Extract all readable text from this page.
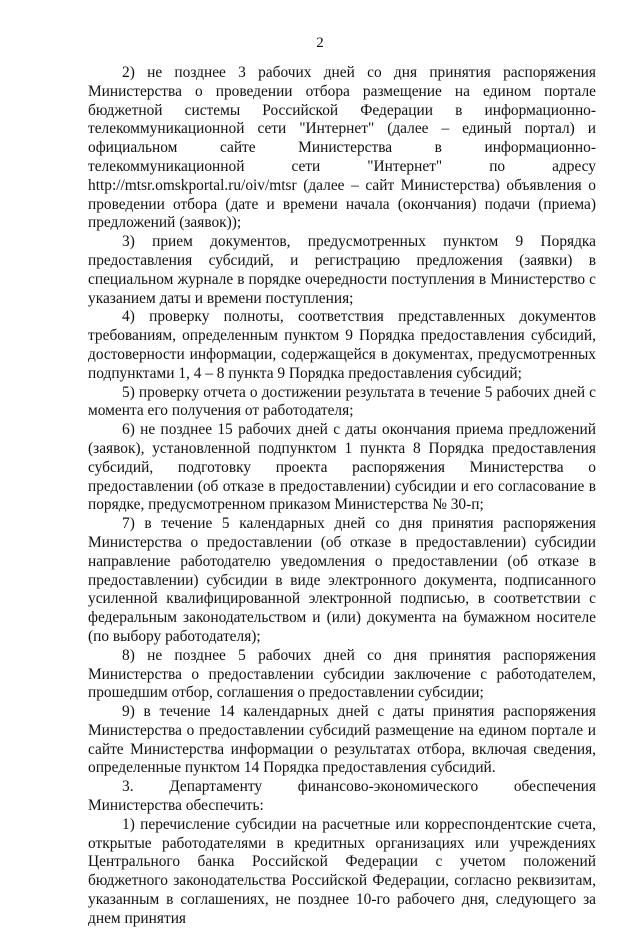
2

2) не позднее 3 рабочих дней со дня принятия распоряжения Министерства о проведении отбора размещение на едином портале бюджетной системы Российской Федерации в информационно-телекоммуникационной сети "Интернет" (далее – единый портал) и официальном сайте Министерства в информационно-телекоммуникационной сети "Интернет" по адресу http://mtsr.omskportal.ru/oiv/mtsr (далее – сайт Министерства) объявления о проведении отбора (дате и времени начала (окончания) подачи (приема) предложений (заявок));

3) прием документов, предусмотренных пунктом 9 Порядка предоставления субсидий, и регистрацию предложения (заявки) в специальном журнале в порядке очередности поступления в Министерство с указанием даты и времени поступления;

4) проверку полноты, соответствия представленных документов требованиям, определенным пунктом 9 Порядка предоставления субсидий, достоверности информации, содержащейся в документах, предусмотренных подпунктами 1, 4 – 8 пункта 9 Порядка предоставления субсидий;

5) проверку отчета о достижении результата в течение 5 рабочих дней с момента его получения от работодателя;

6) не позднее 15 рабочих дней с даты окончания приема предложений (заявок), установленной подпунктом 1 пункта 8 Порядка предоставления субсидий, подготовку проекта распоряжения Министерства о предоставлении (об отказе в предоставлении) субсидии и его согласование в порядке, предусмотренном приказом Министерства № 30-п;

7) в течение 5 календарных дней со дня принятия распоряжения Министерства о предоставлении (об отказе в предоставлении) субсидии направление работодателю уведомления о предоставлении (об отказе в предоставлении) субсидии в виде электронного документа, подписанного усиленной квалифицированной электронной подписью, в соответствии с федеральным законодательством и (или) документа на бумажном носителе (по выбору работодателя);

8) не позднее 5 рабочих дней со дня принятия распоряжения Министерства о предоставлении субсидии заключение с работодателем, прошедшим отбор, соглашения о предоставлении субсидии;

9) в течение 14 календарных дней с даты принятия распоряжения Министерства о предоставлении субсидий размещение на едином портале и сайте Министерства информации о результатах отбора, включая сведения, определенные пунктом 14 Порядка предоставления субсидий.

3. Департаменту финансово-экономического обеспечения Министерства обеспечить:

1) перечисление субсидии на расчетные или корреспондентские счета, открытые работодателями в кредитных организациях или учреждениях Центрального банка Российской Федерации с учетом положений бюджетного законодательства Российской Федерации, согласно реквизитам, указанным в соглашениях, не позднее 10-го рабочего дня, следующего за днем принятия
